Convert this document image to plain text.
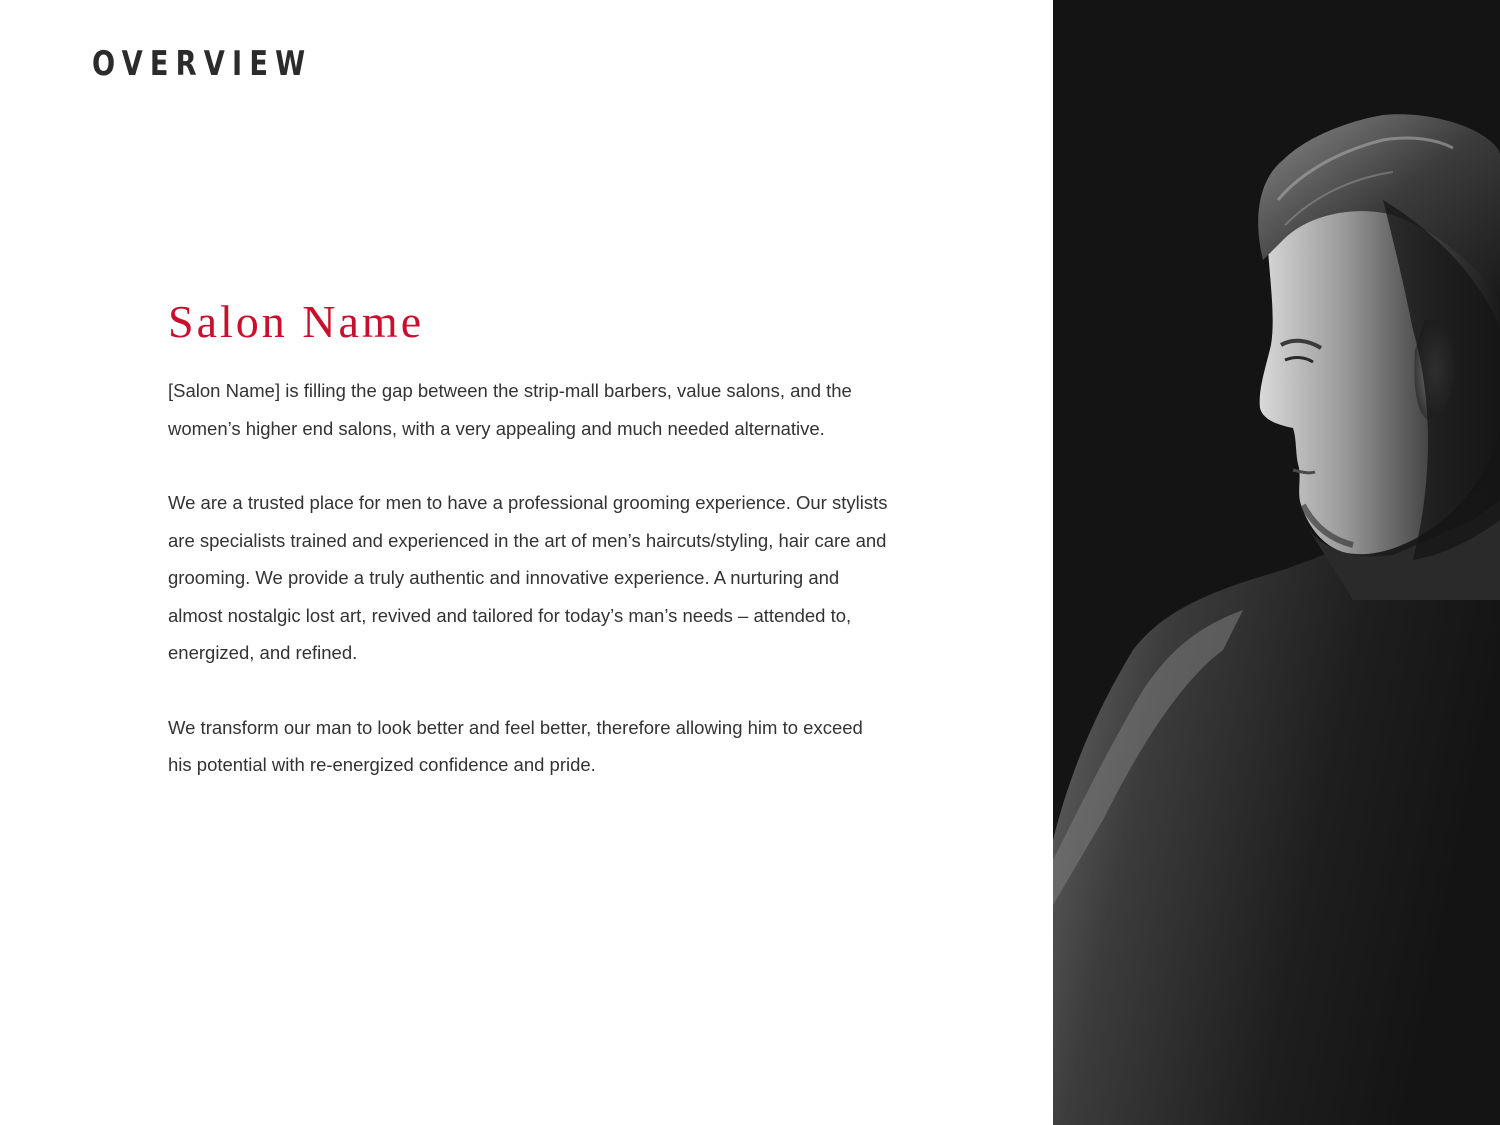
OVERVIEW
Salon Name

[Salon Name] is filling the gap between the strip-mall barbers, value salons, and the women’s higher end salons, with a very appealing and much needed alternative.

We are a trusted place for men to have a professional grooming experience. Our stylists are specialists trained and experienced in the art of men’s haircuts/styling, hair care and grooming. We provide a truly authentic and innovative experience. A nurturing and almost nostalgic lost art, revived and tailored for today’s man’s needs – attended to, energized, and refined.

We transform our man to look better and feel better, therefore allowing him to exceed his potential with re-energized confidence and pride.
